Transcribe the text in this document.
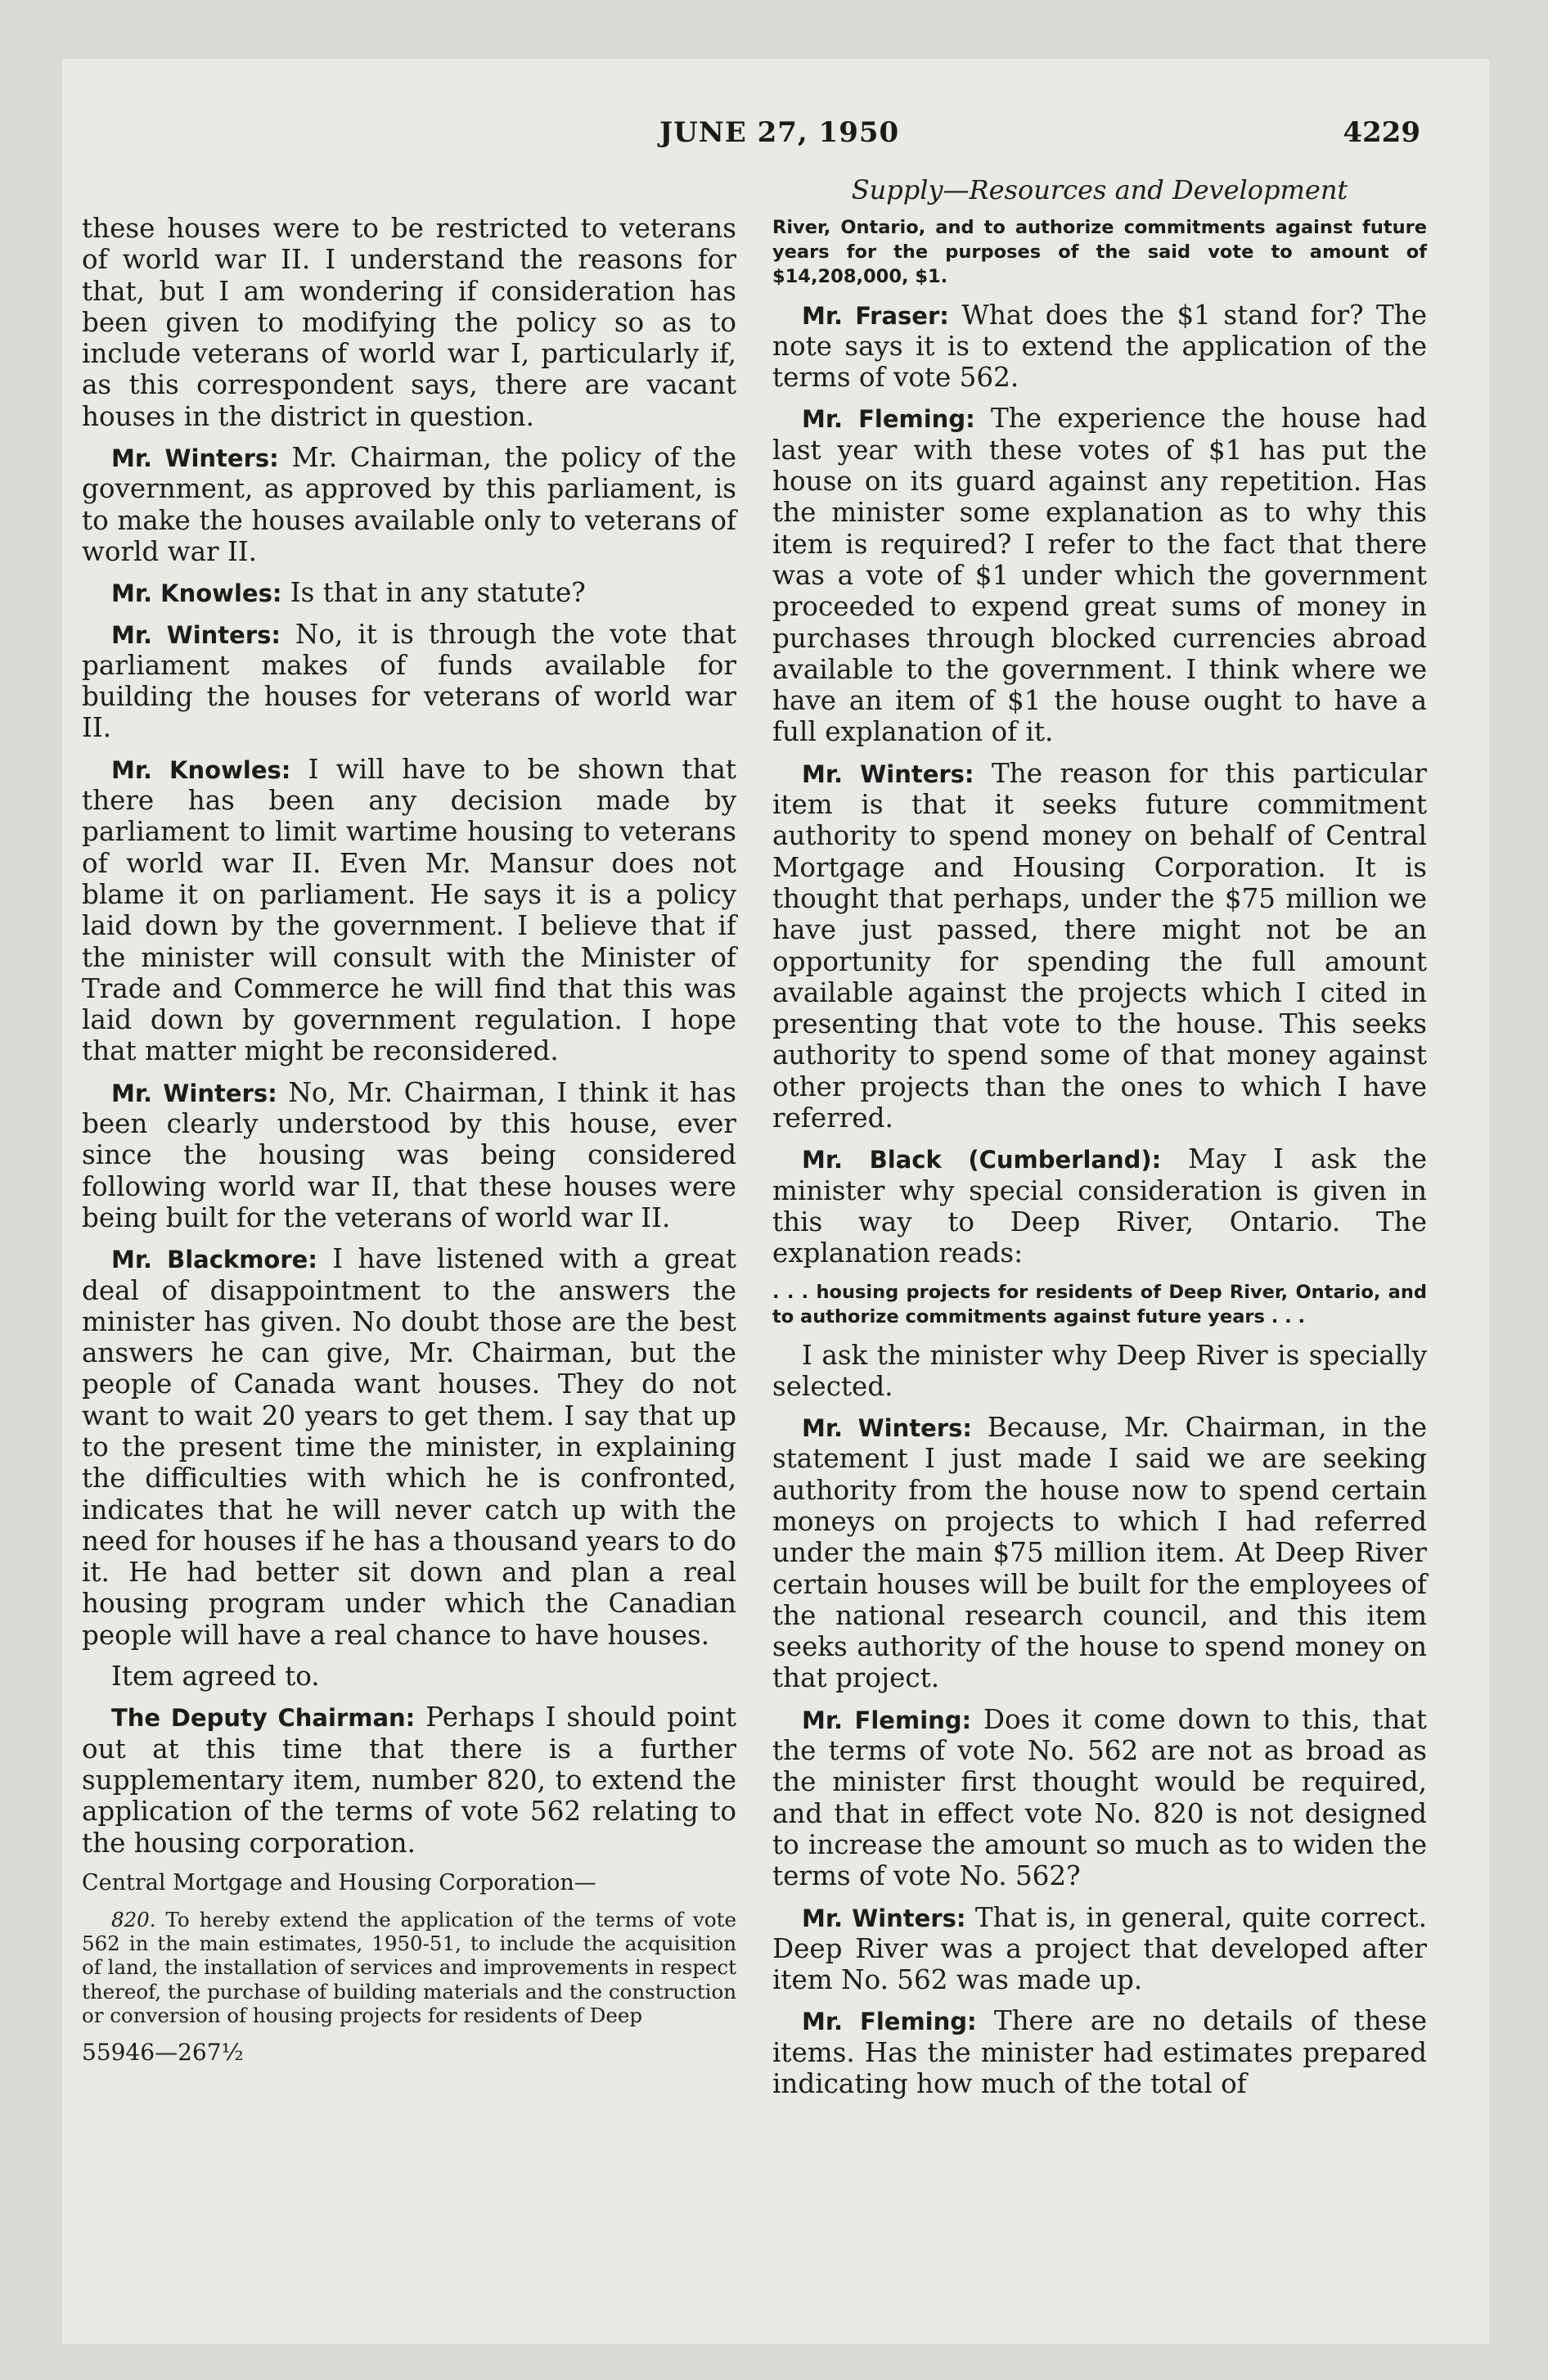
JUNE 27, 1950	4229

these houses were to be restricted to veterans of world war II. I understand the reasons for that, but I am wondering if consideration has been given to modifying the policy so as to include veterans of world war I, particularly if, as this correspondent says, there are vacant houses in the district in question.

Mr. Winters: Mr. Chairman, the policy of the government, as approved by this parliament, is to make the houses available only to veterans of world war II.

Mr. Knowles: Is that in any statute?

Mr. Winters: No, it is through the vote that parliament makes of funds available for building the houses for veterans of world war II.

Mr. Knowles: I will have to be shown that there has been any decision made by parliament to limit wartime housing to veterans of world war II. Even Mr. Mansur does not blame it on parliament. He says it is a policy laid down by the government. I believe that if the minister will consult with the Minister of Trade and Commerce he will find that this was laid down by government regulation. I hope that matter might be reconsidered.

Mr. Winters: No, Mr. Chairman, I think it has been clearly understood by this house, ever since the housing was being considered following world war II, that these houses were being built for the veterans of world war II.

Mr. Blackmore: I have listened with a great deal of disappointment to the answers the minister has given. No doubt those are the best answers he can give, Mr. Chairman, but the people of Canada want houses. They do not want to wait 20 years to get them. I say that up to the present time the minister, in explaining the difficulties with which he is confronted, indicates that he will never catch up with the need for houses if he has a thousand years to do it. He had better sit down and plan a real housing program under which the Canadian people will have a real chance to have houses.

Item agreed to.

The Deputy Chairman: Perhaps I should point out at this time that there is a further supplementary item, number 820, to extend the application of the terms of vote 562 relating to the housing corporation.

Central Mortgage and Housing Corporation—

820. To hereby extend the application of the terms of vote 562 in the main estimates, 1950-51, to include the acquisition of land, the installation of services and improvements in respect thereof, the purchase of building materials and the construction or conversion of housing projects for residents of Deep

55946—267½

Supply—Resources and Development

River, Ontario, and to authorize commitments against future years for the purposes of the said vote to amount of $14,208,000, $1.

Mr. Fraser: What does the $1 stand for? The note says it is to extend the application of the terms of vote 562.

Mr. Fleming: The experience the house had last year with these votes of $1 has put the house on its guard against any repetition. Has the minister some explanation as to why this item is required? I refer to the fact that there was a vote of $1 under which the government proceeded to expend great sums of money in purchases through blocked currencies abroad available to the government. I think where we have an item of $1 the house ought to have a full explanation of it.

Mr. Winters: The reason for this particular item is that it seeks future commitment authority to spend money on behalf of Central Mortgage and Housing Corporation. It is thought that perhaps, under the $75 million we have just passed, there might not be an opportunity for spending the full amount available against the projects which I cited in presenting that vote to the house. This seeks authority to spend some of that money against other projects than the ones to which I have referred.

Mr. Black (Cumberland): May I ask the minister why special consideration is given in this way to Deep River, Ontario. The explanation reads:

. . . housing projects for residents of Deep River, Ontario, and to authorize commitments against future years . . .

I ask the minister why Deep River is specially selected.

Mr. Winters: Because, Mr. Chairman, in the statement I just made I said we are seeking authority from the house now to spend certain moneys on projects to which I had referred under the main $75 million item. At Deep River certain houses will be built for the employees of the national research council, and this item seeks authority of the house to spend money on that project.

Mr. Fleming: Does it come down to this, that the terms of vote No. 562 are not as broad as the minister first thought would be required, and that in effect vote No. 820 is not designed to increase the amount so much as to widen the terms of vote No. 562?

Mr. Winters: That is, in general, quite correct. Deep River was a project that developed after item No. 562 was made up.

Mr. Fleming: There are no details of these items. Has the minister had estimates prepared indicating how much of the total of
